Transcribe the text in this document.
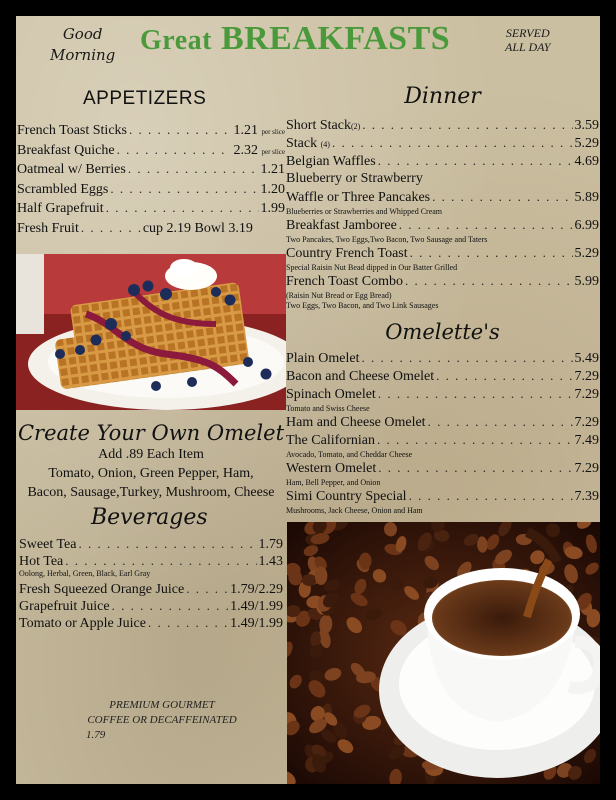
Good
Morning Great BREAKFASTS	SERVED
ALL DAY
APPETIZERS
French Toast Sticks . . .	1.21 per slice
Breakfast Quiche . . .	2.32 per slice
Oatmeal w/ Berries . . .	1.21
Scrambled Eggs . . .	1.20
Half Grapefruit . . .	1.99
Fresh Fruit . . .	cup 2.19 Bowl 3.19
Create Your Own Omelet
Add .89 Each Item
Tomato, Onion, Green Pepper, Ham,
Bacon, Sausage,Turkey, Mushroom, Cheese
Beverages
Sweet Tea . . .	1.79
Hot Tea . . .	1.43
Oolong, Herbal, Green, Black, Earl Gray
Fresh Squeezed Orange Juice . . .	1.79/2.29
Grapefruit Juice . . .	1.49/1.99
Tomato or Apple Juice . . .	1.49/1.99
PREMIUM GOURMET
COFFEE OR DECAFFEINATED
1.79
Dinner
Short Stack(2) . . .	3.59
Stack (4) . . .	5.29
Belgian Waffles . . .	4.69
Blueberry or Strawberry
Waffle or Three Pancakes . . .	5.89
Blueberries or Strawberries and Whipped Cream
Breakfast Jamboree . . .	6.99
Two Pancakes, Two Eggs,Two Bacon, Two Sausage and Taters
Country French Toast . . .	5.29
Special Raisin Nut Bead dipped in Our Batter Grilled
French Toast Combo . . .	5.99
(Raisin Nut Bread or Egg Bread)
Two Eggs, Two Bacon, and Two Link Sausages
Omelette's
Plain Omelet . . .	5.49
Bacon and Cheese Omelet . . .	7.29
Spinach Omelet . . .	7.29
Tomato and Swiss Cheese
Ham and Cheese Omelet . . .	7.29
The Californian . . .	7.49
Avocado, Tomato, and Cheddar Cheese
Western Omelet . . .	7.29
Ham, Bell Pepper, and Onion
Simi Country Special . . .	7.39
Mushrooms, Jack Cheese, Onion and Ham
